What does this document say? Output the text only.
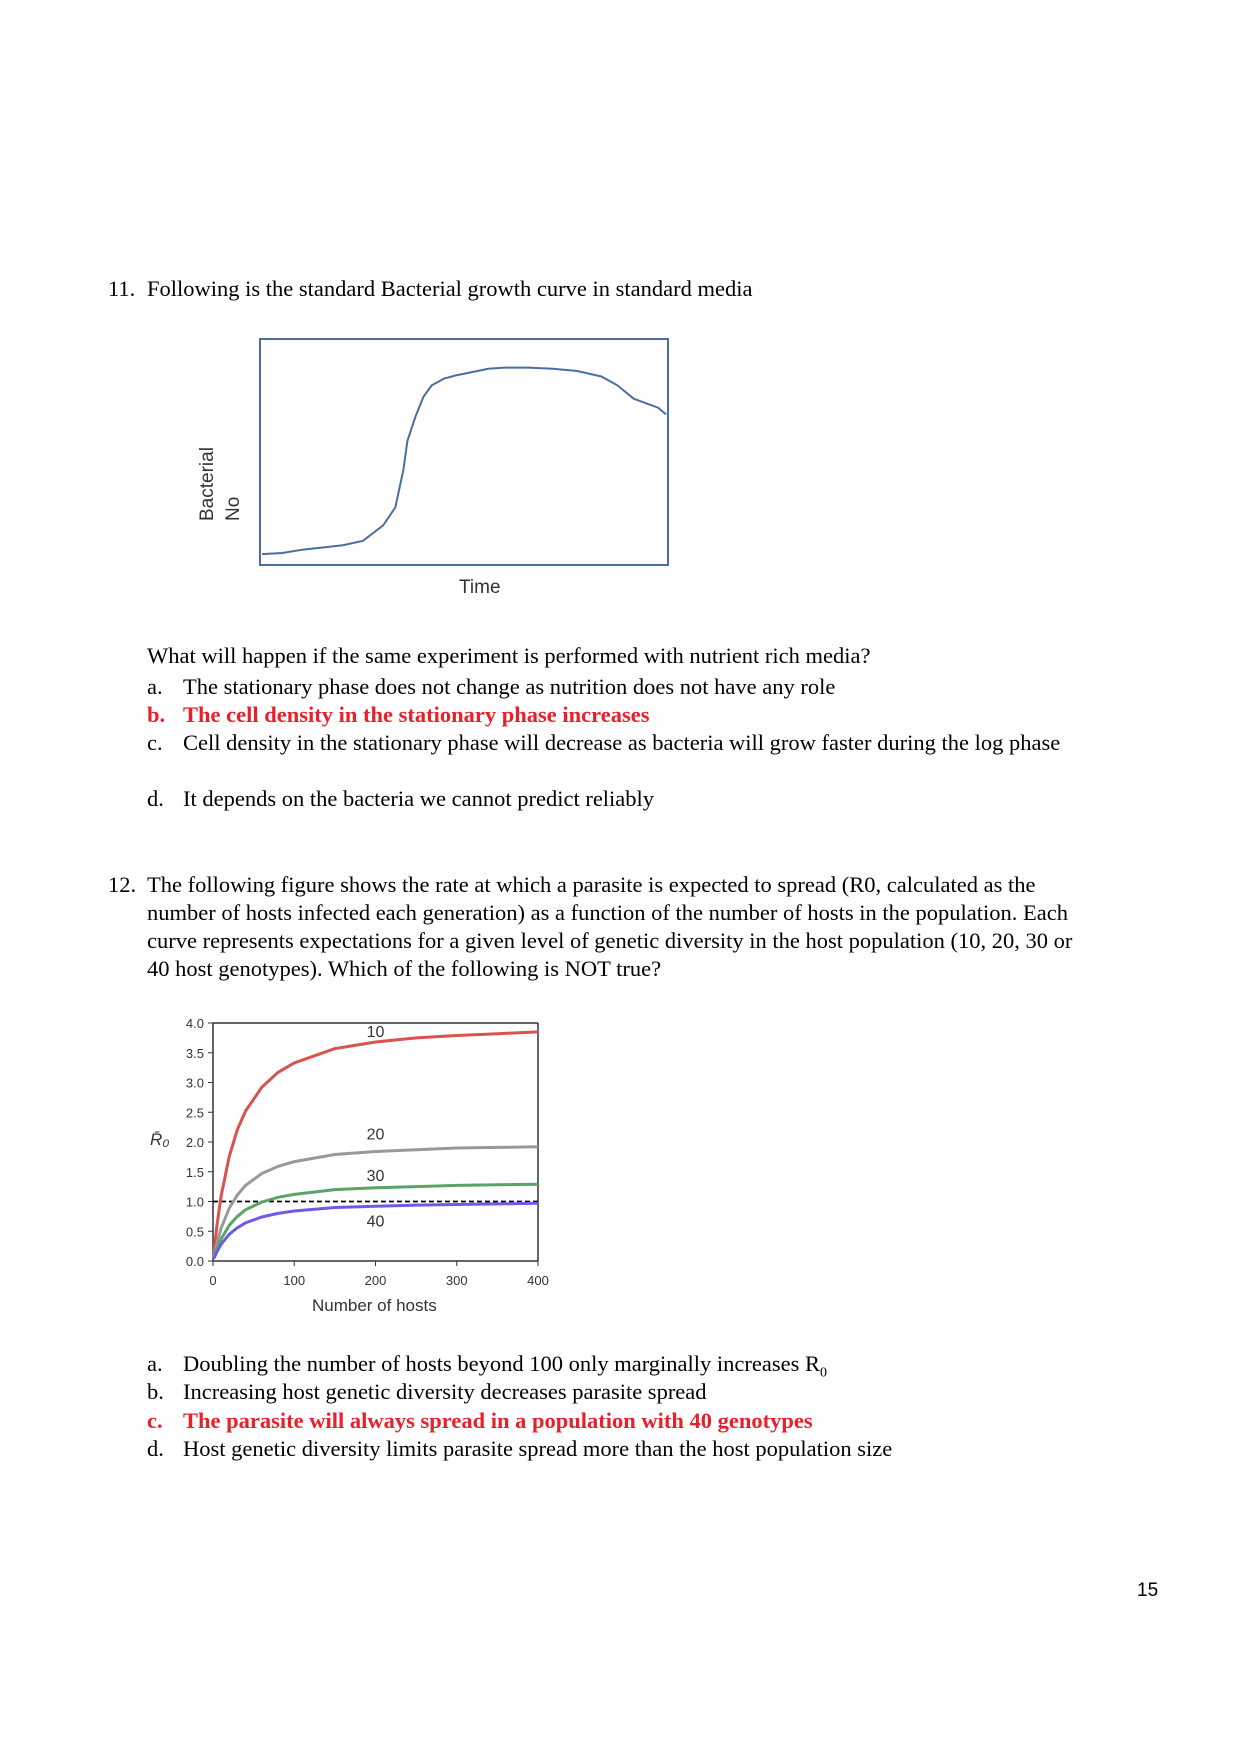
11. Following is the standard Bacterial growth curve in standard media
Bacterial No
Time
What will happen if the same experiment is performed with nutrient rich media?
a. The stationary phase does not change as nutrition does not have any role
b. The cell density in the stationary phase increases
c. Cell density in the stationary phase will decrease as bacteria will grow faster during the log phase
d. It depends on the bacteria we cannot predict reliably
12. The following figure shows the rate at which a parasite is expected to spread (R0, calculated as the number of hosts infected each generation) as a function of the number of hosts in the population. Each curve represents expectations for a given level of genetic diversity in the host population (10, 20, 30 or 40 host genotypes). Which of the following is NOT true?
0.0
0.5
1.0
1.5
2.0
2.5
3.0
3.5
4.0
0	100	200	300	400
10
20
30
40
R̄₀
Number of hosts
a. Doubling the number of hosts beyond 100 only marginally increases $R_0$
b. Increasing host genetic diversity decreases parasite spread
c. The parasite will always spread in a population with 40 genotypes
d. Host genetic diversity limits parasite spread more than the host population size
15
